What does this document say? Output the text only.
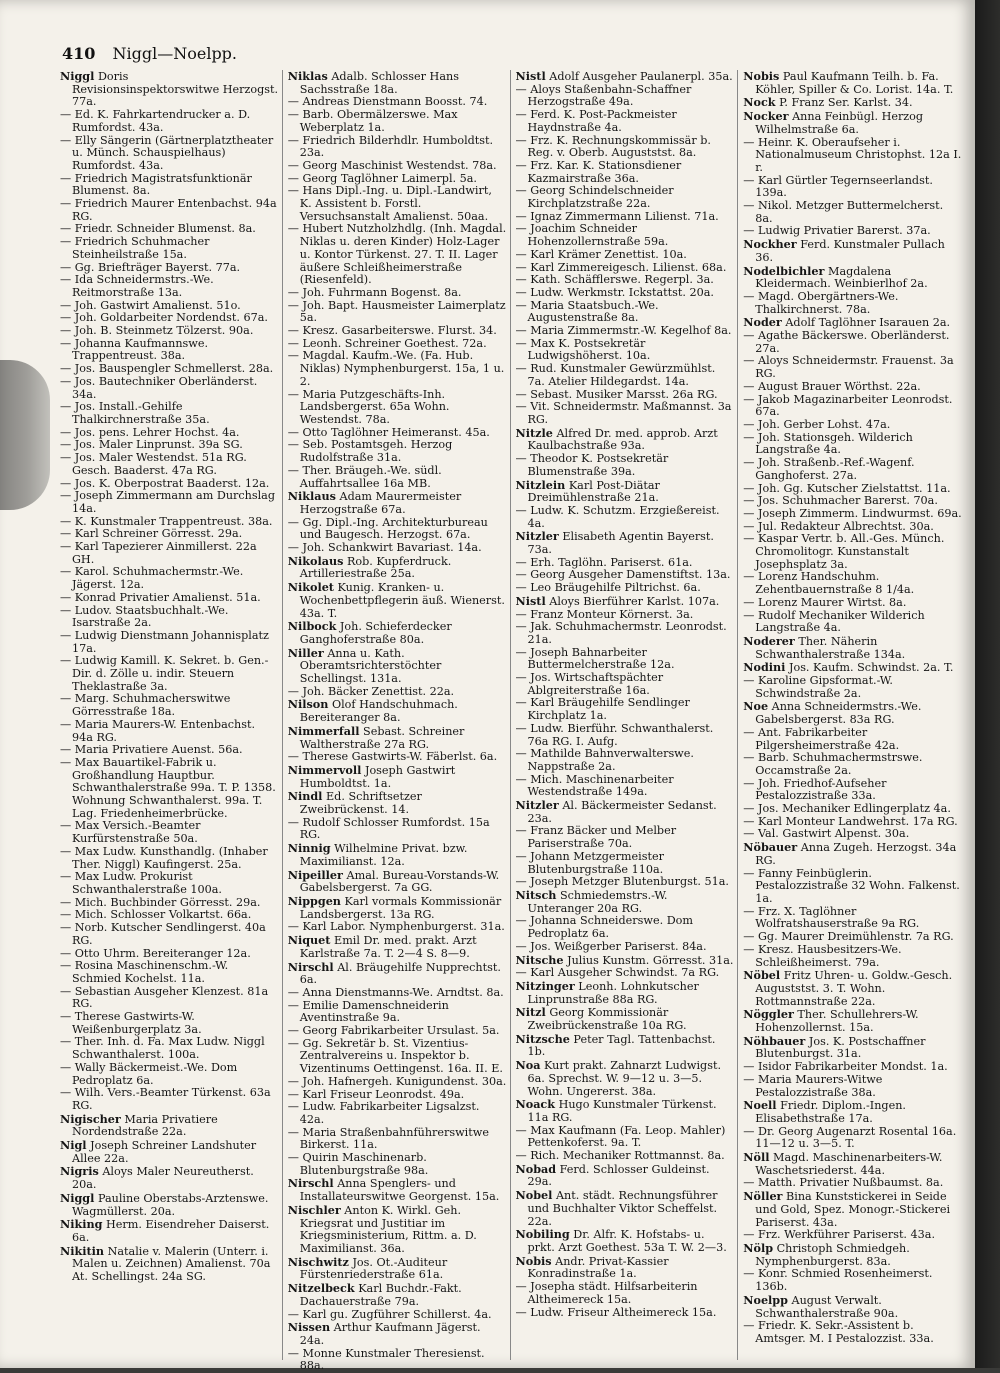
410 Niggl—Noelpp.

Niggl Doris Revisionsinspektorswitwe Herzogst. 77a.

— Ed. K. Fahrkartendrucker a. D. Rumfordst. 43a.

— Elly Sängerin (Gärtnerplatztheater u. Münch. Schauspielhaus) Rumfordst. 43a.

— Friedrich Magistratsfunktionär Blumenst. 8a.

— Friedrich Maurer Entenbachst. 94a RG.

— Friedr. Schneider Blumenst. 8a.

— Friedrich Schuhmacher Steinheilstraße 15a.

— Gg. Briefträger Bayerst. 77a.

— Ida Schneidermstrs.-We. Reitmorstraße 13a.

— Joh. Gastwirt Amalienst. 51o.

— Joh. Goldarbeiter Nordendst. 67a.

— Joh. B. Steinmetz Tölzerst. 90a.

— Johanna Kaufmannswe. Trappentreust. 38a.

— Jos. Bauspengler Schmellerst. 28a.

— Jos. Bautechniker Oberländerst. 34a.

— Jos. Install.-Gehilfe Thalkirchnerstraße 35a.

— Jos. pens. Lehrer Hochst. 4a.

— Jos. Maler Linprunst. 39a SG.

— Jos. Maler Westendst. 51a RG. Gesch. Baaderst. 47a RG.

— Jos. K. Oberpostrat Baaderst. 12a.

— Joseph Zimmermann am Durchslag 14a.

— K. Kunstmaler Trappentreust. 38a.

— Karl Schreiner Görresst. 29a.

— Karl Tapezierer Ainmillerst. 22a GH.

— Karol. Schuhmachermstr.-We. Jägerst. 12a.

— Konrad Privatier Amalienst. 51a.

— Ludov. Staatsbuchhalt.-We. Isarstraße 2a.

— Ludwig Dienstmann Johannisplatz 17a.

— Ludwig Kamill. K. Sekret. b. Gen.-Dir. d. Zölle u. indir. Steuern Theklastraße 3a.

— Marg. Schuhmacherswitwe Görresstraße 18a.

— Maria Maurers-W. Entenbachst. 94a RG.

— Maria Privatiere Auenst. 56a.

— Max Bauartikel-Fabrik u. Großhandlung Hauptbur. Schwanthalerstraße 99a. T. P. 1358. Wohnung Schwanthalerst. 99a. T. Lag. Friedenheimerbrücke.

— Max Versich.-Beamter Kurfürstenstraße 50a.

— Max Ludw. Kunsthandlg. (Inhaber Ther. Niggl) Kaufingerst. 25a.

— Max Ludw. Prokurist Schwanthalerstraße 100a.

— Mich. Buchbinder Görresst. 29a.

— Mich. Schlosser Volkartst. 66a.

— Norb. Kutscher Sendlingerst. 40a RG.

— Otto Uhrm. Bereiteranger 12a.

— Rosina Maschinenschm.-W. Schmied Kochelst. 11a.

— Sebastian Ausgeher Klenzest. 81a RG.

— Therese Gastwirts-W. Weißenburgerplatz 3a.

— Ther. Inh. d. Fa. Max Ludw. Niggl Schwanthalerst. 100a.

— Wally Bäckermeist.-We. Dom Pedroplatz 6a.

— Wilh. Vers.-Beamter Türkenst. 63a RG.

Nigischer Maria Privatiere Nordendstraße 22a.

Nigl Joseph Schreiner Landshuter Allee 22a.

Nigris Aloys Maler Neureutherst. 20a.

Niggl Pauline Oberstabs-Arztenswe. Wagmüllerst. 20a.

Niking Herm. Eisendreher Daiserst. 6a.

Nikitin Natalie v. Malerin (Unterr. i. Malen u. Zeichnen) Amalienst. 70a At. Schellingst. 24a SG.

Niklas Adalb. Schlosser Hans Sachsstraße 18a.

— Andreas Dienstmann Boosst. 74.

— Barb. Obermälzerswe. Max Weberplatz 1a.

— Friedrich Bilderhdlr. Humboldtst. 23a.

— Georg Maschinist Westendst. 78a.

— Georg Taglöhner Laimerpl. 5a.

— Hans Dipl.-Ing. u. Dipl.-Landwirt, K. Assistent b. Forstl. Versuchsanstalt Amalienst. 50aa.

— Hubert Nutzholzhdlg. (Inh. Magdal. Niklas u. deren Kinder) Holz-Lager u. Kontor Türkenst. 27. T. II. Lager äußere Schleißheimerstraße (Riesenfeld).

— Joh. Fuhrmann Bogenst. 8a.

— Joh. Bapt. Hausmeister Laimerplatz 5a.

— Kresz. Gasarbeiterswe. Flurst. 34.

— Leonh. Schreiner Goethest. 72a.

— Magdal. Kaufm.-We. (Fa. Hub. Niklas) Nymphenburgerst. 15a, 1 u. 2.

— Maria Putzgeschäfts-Inh. Landsbergerst. 65a Wohn. Westendst. 78a.

— Otto Taglöhner Heimeranst. 45a.

— Seb. Postamtsgeh. Herzog Rudolfstraße 31a.

— Ther. Bräugeh.-We. südl. Auffahrtsallee 16a MB.

Niklaus Adam Maurermeister Herzogstraße 67a.

— Gg. Dipl.-Ing. Architekturbureau und Baugesch. Herzogst. 67a.

— Joh. Schankwirt Bavariast. 14a.

Nikolaus Rob. Kupferdruck. Artilleriestraße 25a.

Nikolet Kunig. Kranken- u. Wochenbettpflegerin äuß. Wienerst. 43a. T.

Nilbock Joh. Schieferdecker Ganghoferstraße 80a.

Niller Anna u. Kath. Oberamtsrichterstöchter Schellingst. 131a.

— Joh. Bäcker Zenettist. 22a.

Nilson Olof Handschuhmach. Bereiteranger 8a.

Nimmerfall Sebast. Schreiner Waltherstraße 27a RG.

— Therese Gastwirts-W. Fäberlst. 6a.

Nimmervoll Joseph Gastwirt Humboldtst. 1a.

Nindl Ed. Schriftsetzer Zweibrückenst. 14.

— Rudolf Schlosser Rumfordst. 15a RG.

Ninnig Wilhelmine Privat. bzw. Maximilianst. 12a.

Nipeiller Amal. Bureau-Vorstands-W. Gabelsbergerst. 7a GG.

Nippgen Karl vormals Kommissionär Landsbergerst. 13a RG.

— Karl Labor. Nymphenburgerst. 31a.

Niquet Emil Dr. med. prakt. Arzt Karlstraße 7a. T. 2—4 S. 8—9.

Nirschl Al. Bräugehilfe Nupprechtst. 6a.

— Anna Dienstmanns-We. Arndtst. 8a.

— Emilie Damenschneiderin Aventinstraße 9a.

— Georg Fabrikarbeiter Ursulast. 5a.

— Gg. Sekretär b. St. Vizentius-Zentralvereins u. Inspektor b. Vizentinums Oettingenst. 16a. II. E.

— Joh. Hafnergeh. Kunigundenst. 30a.

— Karl Friseur Leonrodst. 49a.

— Ludw. Fabrikarbeiter Ligsalzst. 42a.

— Maria Straßenbahnführerswitwe Birkerst. 11a.

— Quirin Maschinenarb. Blutenburgstraße 98a.

Nirschl Anna Spenglers- und Installateurswitwe Georgenst. 15a.

Nischler Anton K. Wirkl. Geh. Kriegsrat und Justitiar im Kriegsministerium, Rittm. a. D. Maximilianst. 36a.

Nischwitz Jos. Ot.-Auditeur Fürstenriederstraße 61a.

Nitzelbeck Karl Buchdr.-Fakt. Dachauerstraße 79a.

— Karl gu. Zugführer Schillerst. 4a.

Nissen Arthur Kaufmann Jägerst. 24a.

— Monne Kunstmaler Theresienst. 88a.

Nistl Adolf Ausgeher Paulanerpl. 35a.

— Aloys Staßenbahn-Schaffner Herzogstraße 49a.

— Ferd. K. Post-Packmeister Haydnstraße 4a.

— Frz. K. Rechnungskommissär b. Reg. v. Oberb. Auguststst. 8a.

— Frz. Kar. K. Stationsdiener Kazmairstraße 36a.

— Georg Schindelschneider Kirchplatzstraße 22a.

— Ignaz Zimmermann Lilienst. 71a.

— Joachim Schneider Hohenzollernstraße 59a.

— Karl Krämer Zenettist. 10a.

— Karl Zimmereigesch. Lilienst. 68a.

— Kath. Schäfflerswe. Regerpl. 3a.

— Ludw. Werkmstr. Ickstattst. 20a.

— Maria Staatsbuch.-We. Augustenstraße 8a.

— Maria Zimmermstr.-W. Kegelhof 8a.

— Max K. Postsekretär Ludwigshöherst. 10a.

— Rud. Kunstmaler Gewürzmühlst. 7a. Atelier Hildegardst. 14a.

— Sebast. Musiker Marsst. 26a RG.

— Vit. Schneidermstr. Maßmannst. 3a RG.

Nitzle Alfred Dr. med. approb. Arzt Kaulbachstraße 93a.

— Theodor K. Postsekretär Blumenstraße 39a.

Nitzlein Karl Post-Diätar Dreimühlenstraße 21a.

— Ludw. K. Schutzm. Erzgießereist. 4a.

Nitzler Elisabeth Agentin Bayerst. 73a.

— Erh. Taglöhn. Pariserst. 61a.

— Georg Ausgeher Damenstiftst. 13a.

— Leo Bräugehilfe Piltrichst. 6a.

Nistl Aloys Bierführer Karlst. 107a.

— Franz Monteur Körnerst. 3a.

— Jak. Schuhmachermstr. Leonrodst. 21a.

— Joseph Bahnarbeiter Buttermelcherstraße 12a.

— Jos. Wirtschaftspächter Ablgreiterstraße 16a.

— Karl Bräugehilfe Sendlinger Kirchplatz 1a.

— Ludw. Bierführ. Schwanthalerst. 76a RG. I. Aufg.

— Mathilde Bahnverwalterswe. Nappstraße 2a.

— Mich. Maschinenarbeiter Westendstraße 149a.

Nitzler Al. Bäckermeister Sedanst. 23a.

— Franz Bäcker und Melber Pariserstraße 70a.

— Johann Metzgermeister Blutenburgstraße 110a.

— Joseph Metzger Blutenburgst. 51a.

Nitsch Schmiedemstrs.-W. Unteranger 20a RG.

— Johanna Schneiderswe. Dom Pedroplatz 6a.

— Jos. Weißgerber Pariserst. 84a.

Nitsche Julius Kunstm. Görresst. 31a.

— Karl Ausgeher Schwindst. 7a RG.

Nitzinger Leonh. Lohnkutscher Linprunstraße 88a RG.

Nitzl Georg Kommissionär Zweibrückenstraße 10a RG.

Nitzsche Peter Tagl. Tattenbachst. 1b.

Noa Kurt prakt. Zahnarzt Ludwigst. 6a. Sprechst. W. 9—12 u. 3—5. Wohn. Ungererst. 38a.

Noack Hugo Kunstmaler Türkenst. 11a RG.

— Max Kaufmann (Fa. Leop. Mahler) Pettenkoferst. 9a. T.

— Rich. Mechaniker Rottmannst. 8a.

Nobad Ferd. Schlosser Guldeinst. 29a.

Nobel Ant. städt. Rechnungsführer und Buchhalter Viktor Scheffelst. 22a.

Nobiling Dr. Alfr. K. Hofstabs- u. prkt. Arzt Goethest. 53a T. W. 2—3.

Nobis Andr. Privat-Kassier Konradinstraße 1a.

— Josepha städt. Hilfsarbeiterin Altheimereck 15a.

— Ludw. Friseur Altheimereck 15a.

Nobis Paul Kaufmann Teilh. b. Fa. Köhler, Spiller & Co. Lorist. 14a. T.

Nock P. Franz Ser. Karlst. 34.

Nocker Anna Feinbügl. Herzog Wilhelmstraße 6a.

— Heinr. K. Oberaufseher i. Nationalmuseum Christophst. 12a I. r.

— Karl Gürtler Tegernseerlandst. 139a.

— Nikol. Metzger Buttermelcherst. 8a.

— Ludwig Privatier Barerst. 37a.

Nockher Ferd. Kunstmaler Pullach 36.

Nodelbichler Magdalena Kleidermach. Weinbierlhof 2a.

— Magd. Obergärtners-We. Thalkirchnerst. 78a.

Noder Adolf Taglöhner Isarauen 2a.

— Agathe Bäckerswe. Oberländerst. 27a.

— Aloys Schneidermstr. Frauenst. 3a RG.

— August Brauer Wörthst. 22a.

— Jakob Magazinarbeiter Leonrodst. 67a.

— Joh. Gerber Lohst. 47a.

— Joh. Stationsgeh. Wilderich Langstraße 4a.

— Joh. Straßenb.-Ref.-Wagenf. Ganghoferst. 27a.

— Joh. Gg. Kutscher Zielstattst. 11a.

— Jos. Schuhmacher Barerst. 70a.

— Joseph Zimmerm. Lindwurmst. 69a.

— Jul. Redakteur Albrechtst. 30a.

— Kaspar Vertr. b. All.-Ges. Münch. Chromolitogr. Kunstanstalt Josephsplatz 3a.

— Lorenz Handschuhm. Zehentbauernstraße 8 1/4a.

— Lorenz Maurer Wirtst. 8a.

— Rudolf Mechaniker Wilderich Langstraße 4a.

Noderer Ther. Näherin Schwanthalerstraße 134a.

Nodini Jos. Kaufm. Schwindst. 2a. T.

— Karoline Gipsformat.-W. Schwindstraße 2a.

Noe Anna Schneidermstrs.-We. Gabelsbergerst. 83a RG.

— Ant. Fabrikarbeiter Pilgersheimerstraße 42a.

— Barb. Schuhmachermstrswe. Occamstraße 2a.

— Joh. Friedhof-Aufseher Pestalozzistraße 33a.

— Jos. Mechaniker Edlingerplatz 4a.

— Karl Monteur Landwehrst. 17a RG.

— Val. Gastwirt Alpenst. 30a.

Nöbauer Anna Zugeh. Herzogst. 34a RG.

— Fanny Feinbüglerin. Pestalozzistraße 32 Wohn. Falkenst. 1a.

— Frz. X. Taglöhner Wolfratshauserstraße 9a RG.

— Gg. Maurer Dreimühlenstr. 7a RG.

— Kresz. Hausbesitzers-We. Schleißheimerst. 79a.

Nöbel Fritz Uhren- u. Goldw.-Gesch. Auguststst. 3. T. Wohn. Rottmannstraße 22a.

Nöggler Ther. Schullehrers-W. Hohenzollernst. 15a.

Nöhbauer Jos. K. Postschaffner Blutenburgst. 31a.

— Isidor Fabrikarbeiter Mondst. 1a.

— Maria Maurers-Witwe Pestalozzistraße 38a.

Noell Friedr. Diplom.-Ingen. Elisabethstraße 17a.

— Dr. Georg Augenarzt Rosental 16a. 11—12 u. 3—5. T.

Nöll Magd. Maschinenarbeiters-W. Waschetsriederst. 44a.

— Matth. Privatier Nußbaumst. 8a.

Nöller Bina Kunststickerei in Seide und Gold, Spez. Monogr.-Stickerei Pariserst. 43a.

— Frz. Werkführer Pariserst. 43a.

Nölp Christoph Schmiedgeh. Nymphenburgerst. 83a.

— Konr. Schmied Rosenheimerst. 136b.

Noelpp August Verwalt. Schwanthalerstraße 90a.

— Friedr. K. Sekr.-Assistent b. Amtsger. M. I Pestalozzist. 33a.
